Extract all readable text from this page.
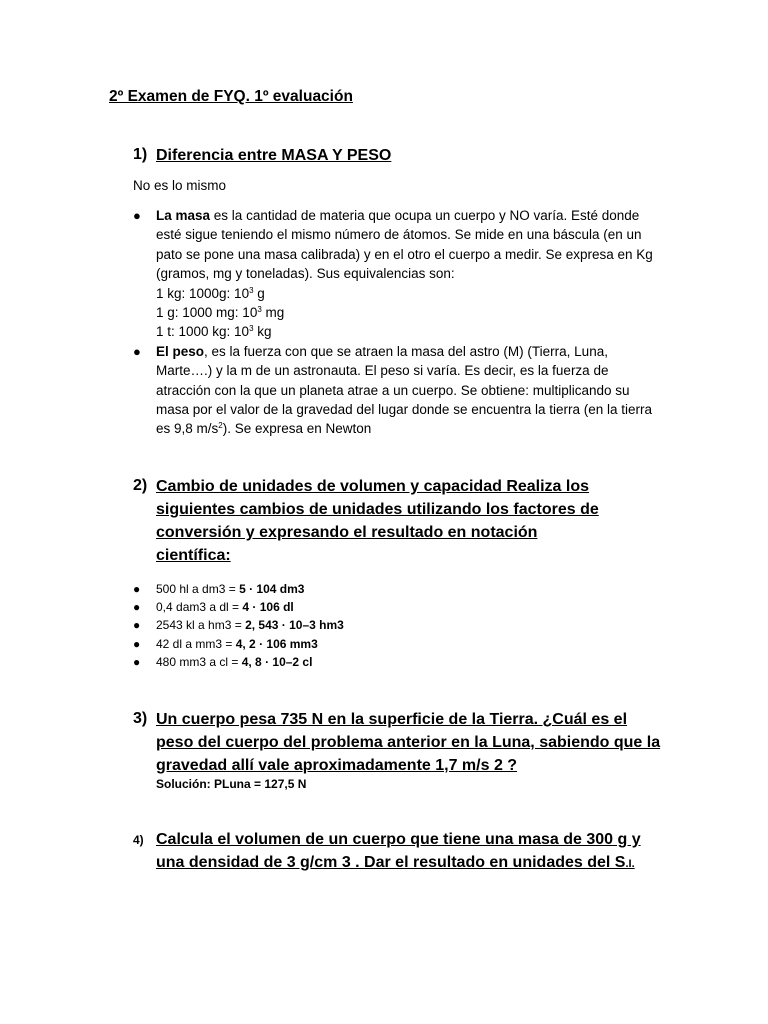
2º Examen de FYQ. 1º evaluación
1) Diferencia entre MASA Y PESO
No es lo mismo
● La masa es la cantidad de materia que ocupa un cuerpo y NO varía. Esté donde esté sigue teniendo el mismo número de átomos. Se mide en una báscula (en un pato se pone una masa calibrada) y en el otro el cuerpo a medir. Se expresa en Kg (gramos, mg y toneladas). Sus equivalencias son:
1 kg: 1000g: $10^3$ g
1 g: 1000 mg: $10^3$ mg
1 t: 1000 kg: $10^3$ kg
● El peso, es la fuerza con que se atraen la masa del astro (M) (Tierra, Luna, Marte….) y la m de un astronauta. El peso si varía. Es decir, es la fuerza de atracción con la que un planeta atrae a un cuerpo. Se obtiene: multiplicando su masa por el valor de la gravedad del lugar donde se encuentra la tierra (en la tierra es 9,8 $m/s^2$). Se expresa en Newton
2) Cambio de unidades de volumen y capacidad Realiza los siguientes cambios de unidades utilizando los factores de conversión y expresando el resultado en notación científica:
● 500 hl a dm3 = 5 · 104 dm3
● 0,4 dam3 a dl = 4 · 106 dl
● 2543 kl a hm3 = 2, 543 · 10–3 hm3
● 42 dl a mm3 = 4, 2 · 106 mm3
● 480 mm3 a cl = 4, 8 · 10–2 cl
3) Un cuerpo pesa 735 N en la superficie de la Tierra. ¿Cuál es el peso del cuerpo del problema anterior en la Luna, sabiendo que la gravedad allí vale aproximadamente 1,7 m/s 2 ?
Solución: PLuna = 127,5 N
4) Calcula el volumen de un cuerpo que tiene una masa de 300 g y una densidad de 3 g/cm 3 . Dar el resultado en unidades del S.I.
